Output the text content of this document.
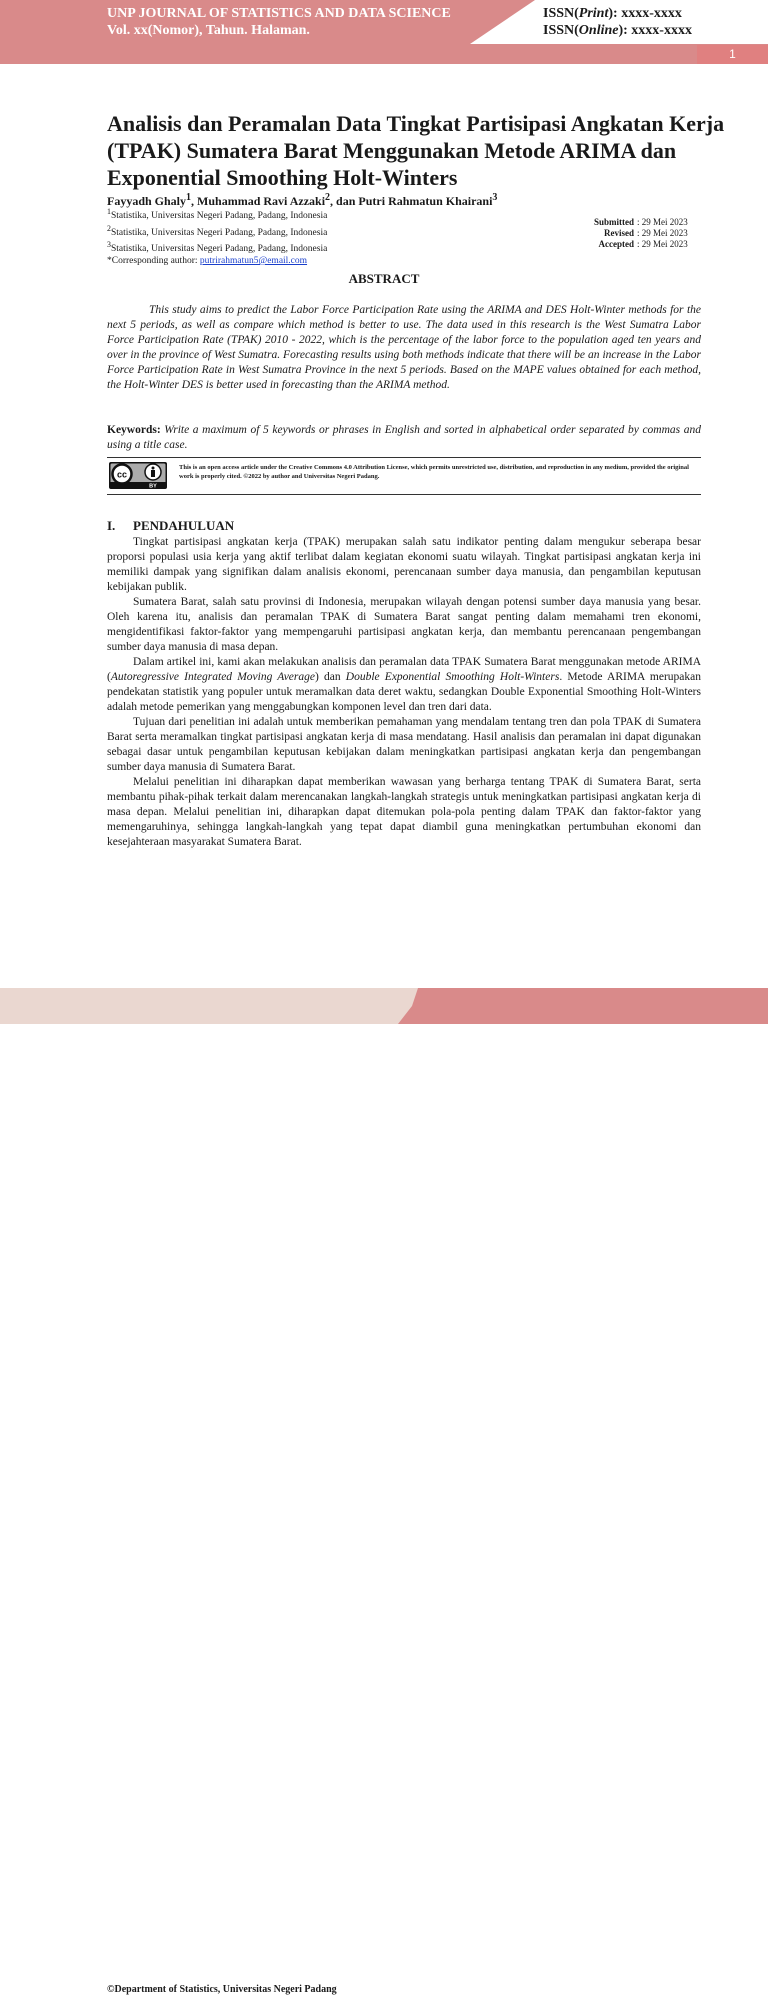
UNP JOURNAL OF STATISTICS AND DATA SCIENCE
Vol. xx(Nomor), Tahun. Halaman.
ISSN(Print): xxxx-xxxx
ISSN(Online): xxxx-xxxx
1
Analisis dan Peramalan Data Tingkat Partisipasi Angkatan Kerja (TPAK) Sumatera Barat Menggunakan Metode ARIMA dan Exponential Smoothing Holt-Winters
Fayyadh Ghaly$^1$, Muhammad Ravi Azzaki$^2$, dan Putri Rahmatun Khairani$^3$
$^1$Statistika, Universitas Negeri Padang, Padang, Indonesia
$^2$Statistika, Universitas Negeri Padang, Padang, Indonesia
$^3$Statistika, Universitas Negeri Padang, Padang, Indonesia
*Corresponding author: putrirahmatun5@email.com
Submitted : 29 Mei 2023
Revised : 29 Mei 2023
Accepted : 29 Mei 2023
ABSTRACT

This study aims to predict the Labor Force Participation Rate using the ARIMA and DES Holt-Winter methods for the next 5 periods, as well as compare which method is better to use. The data used in this research is the West Sumatra Labor Force Participation Rate (TPAK) 2010 - 2022, which is the percentage of the labor force to the population aged ten years and over in the province of West Sumatra. Forecasting results using both methods indicate that there will be an increase in the Labor Force Participation Rate in West Sumatra Province in the next 5 periods. Based on the MAPE values obtained for each method, the Holt-Winter DES is better used in forecasting than the ARIMA method.

Keywords: Write a maximum of 5 keywords or phrases in English and sorted in alphabetical order separated by commas and using a title case.

cc
BY
This is an open access article under the Creative Commons 4.0 Attribution License, which permits unrestricted use, distribution, and reproduction in any medium, provided the original work is properly cited. ©2022 by author and Universitas Negeri Padang.
I. PENDAHULUAN

Tingkat partisipasi angkatan kerja (TPAK) merupakan salah satu indikator penting dalam mengukur seberapa besar proporsi populasi usia kerja yang aktif terlibat dalam kegiatan ekonomi suatu wilayah. Tingkat partisipasi angkatan kerja ini memiliki dampak yang signifikan dalam analisis ekonomi, perencanaan sumber daya manusia, dan pengambilan keputusan kebijakan publik.

Sumatera Barat, salah satu provinsi di Indonesia, merupakan wilayah dengan potensi sumber daya manusia yang besar. Oleh karena itu, analisis dan peramalan TPAK di Sumatera Barat sangat penting dalam memahami tren ekonomi, mengidentifikasi faktor-faktor yang mempengaruhi partisipasi angkatan kerja, dan membantu perencanaan pengembangan sumber daya manusia di masa depan.

Dalam artikel ini, kami akan melakukan analisis dan peramalan data TPAK Sumatera Barat menggunakan metode ARIMA (Autoregressive Integrated Moving Average) dan Double Exponential Smoothing Holt-Winters. Metode ARIMA merupakan pendekatan statistik yang populer untuk meramalkan data deret waktu, sedangkan Double Exponential Smoothing Holt-Winters adalah metode pemerikan yang menggabungkan komponen level dan tren dari data.

Tujuan dari penelitian ini adalah untuk memberikan pemahaman yang mendalam tentang tren dan pola TPAK di Sumatera Barat serta meramalkan tingkat partisipasi angkatan kerja di masa mendatang. Hasil analisis dan peramalan ini dapat digunakan sebagai dasar untuk pengambilan keputusan kebijakan dalam meningkatkan partisipasi angkatan kerja dan pengembangan sumber daya manusia di Sumatera Barat.

Melalui penelitian ini diharapkan dapat memberikan wawasan yang berharga tentang TPAK di Sumatera Barat, serta membantu pihak-pihak terkait dalam merencanakan langkah-langkah strategis untuk meningkatkan partisipasi angkatan kerja di masa depan. Melalui penelitian ini, diharapkan dapat ditemukan pola-pola penting dalam TPAK dan faktor-faktor yang memengaruhinya, sehingga langkah-langkah yang tepat dapat diambil guna meningkatkan pertumbuhan ekonomi dan kesejahteraan masyarakat Sumatera Barat.

©Department of Statistics, Universitas Negeri Padang	DOI:
